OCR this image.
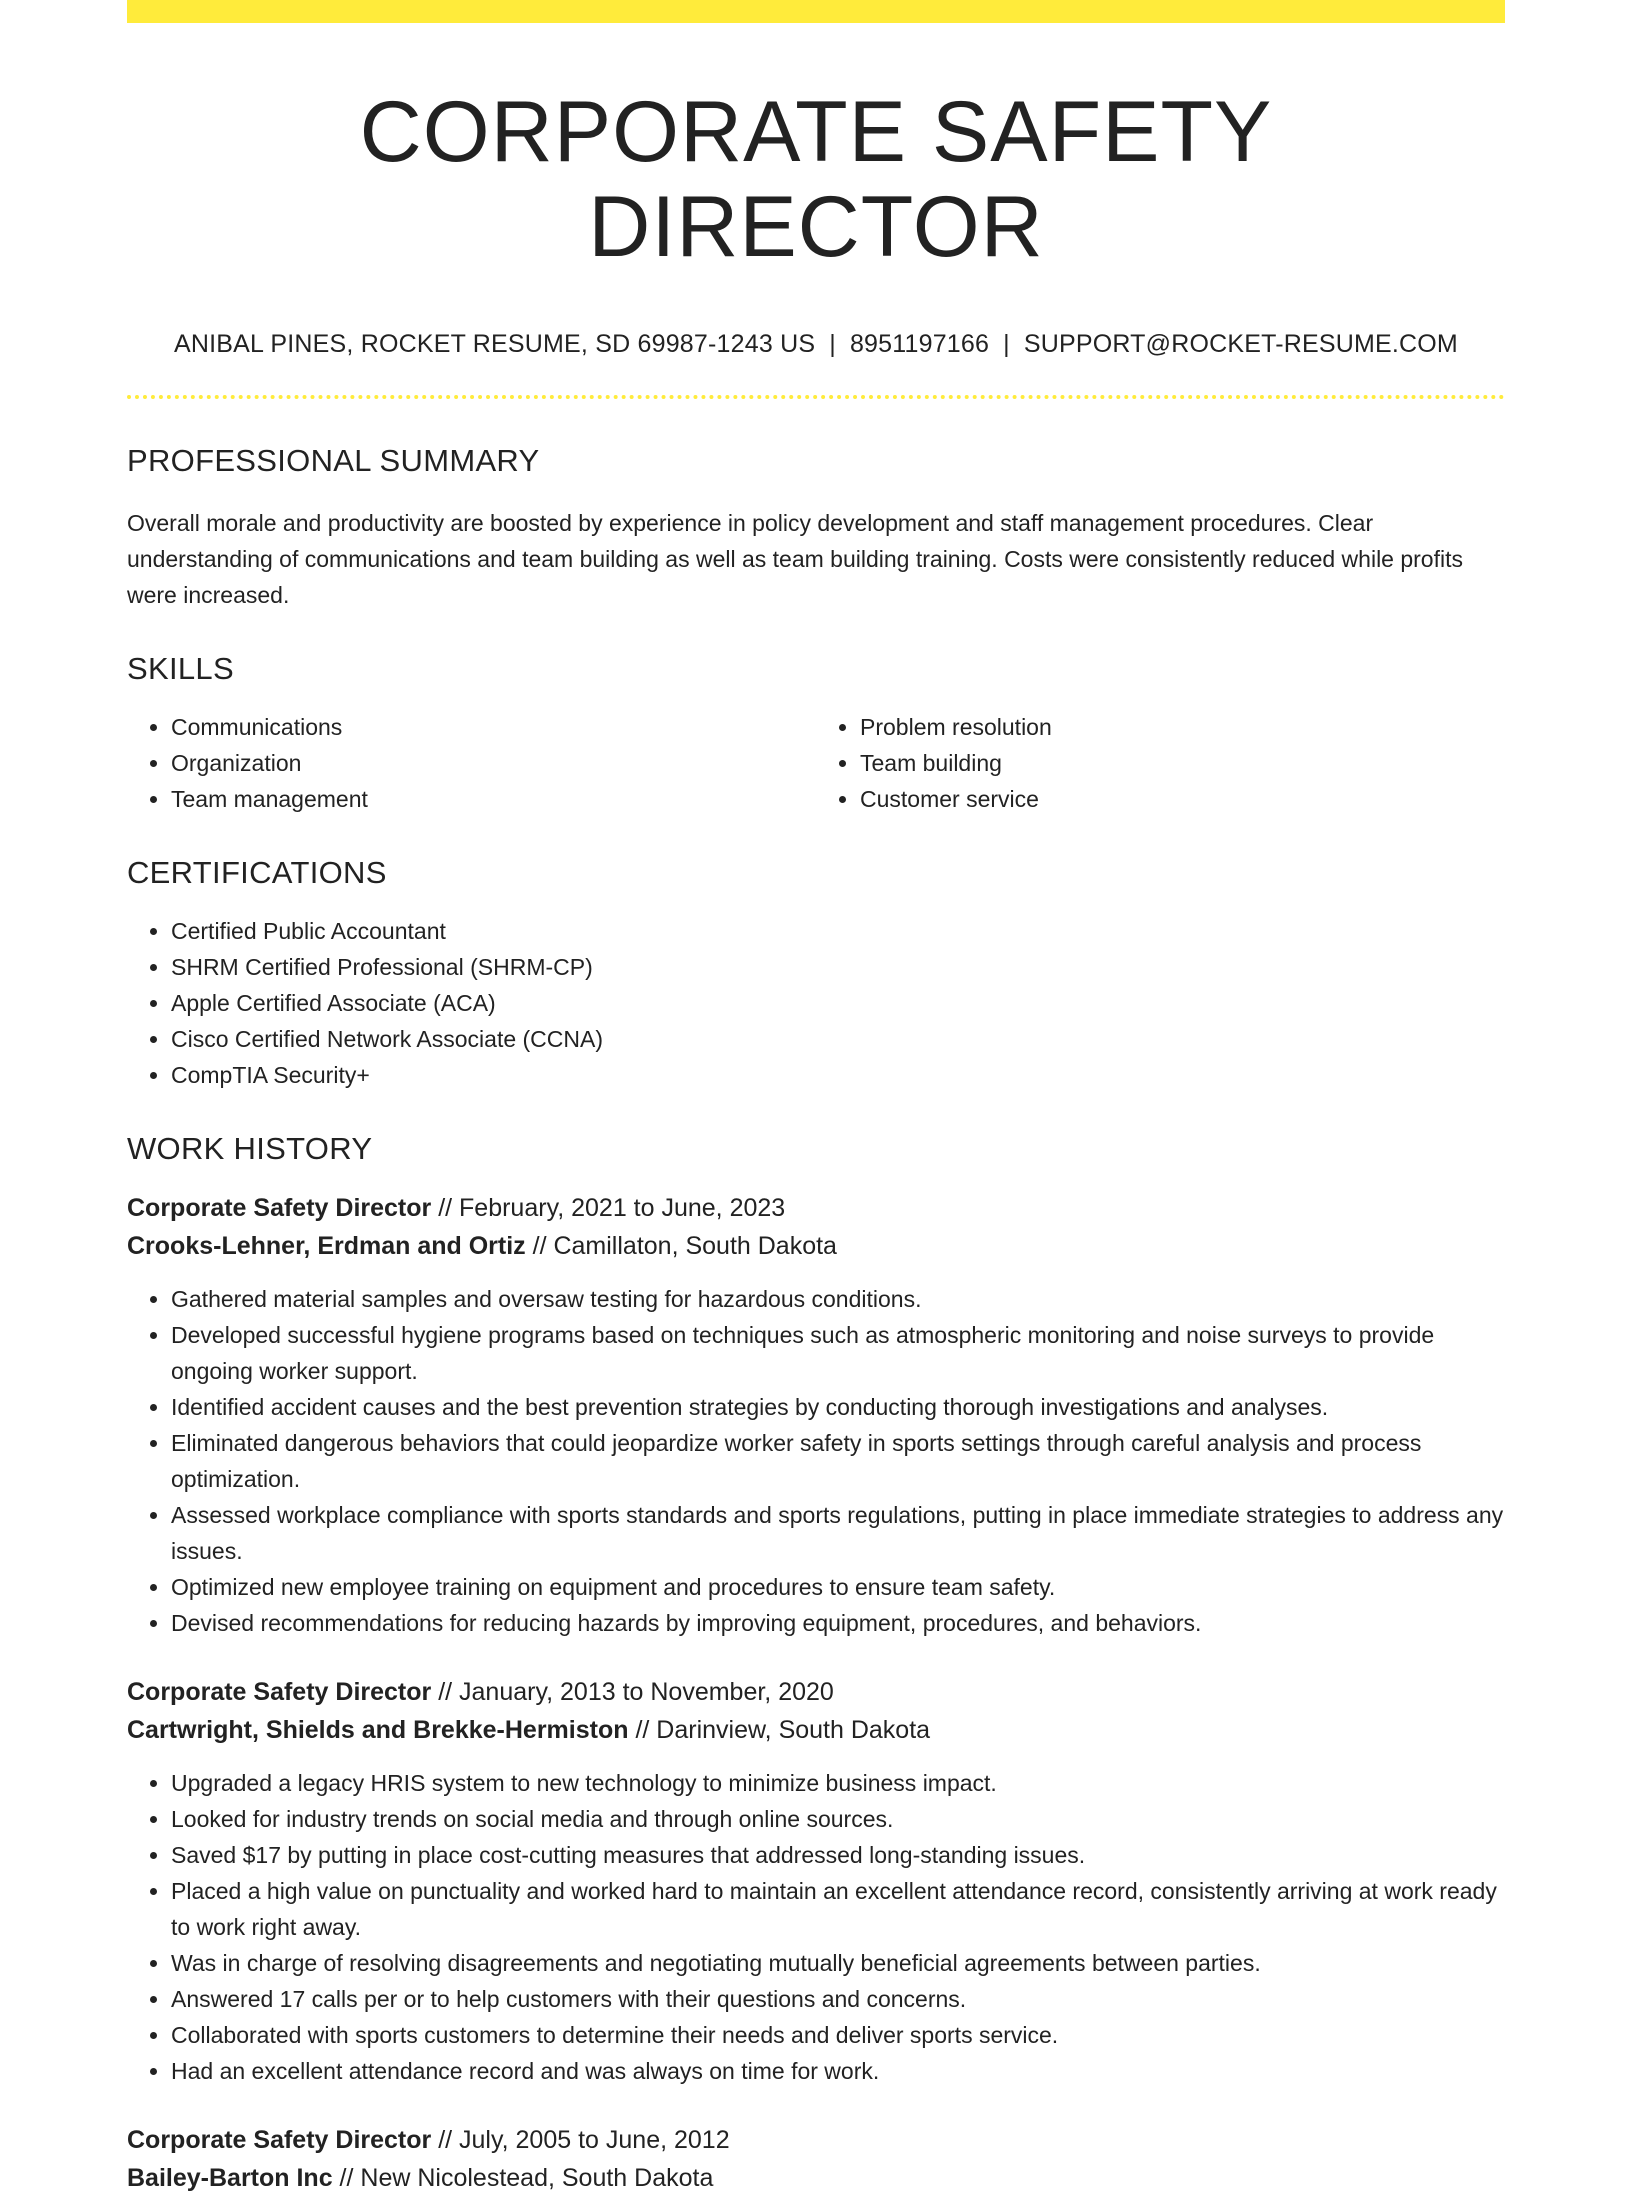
CORPORATE SAFETY DIRECTOR
ANIBAL PINES, ROCKET RESUME, SD 69987-1243 US | 8951197166 | SUPPORT@ROCKET-RESUME.COM
PROFESSIONAL SUMMARY

Overall morale and productivity are boosted by experience in policy development and staff management procedures. Clear understanding of communications and team building as well as team building training. Costs were consistently reduced while profits were increased.

SKILLS
• Communications
• Organization
• Team management
• Problem resolution
• Team building
• Customer service
CERTIFICATIONS
• Certified Public Accountant
• SHRM Certified Professional (SHRM-CP)
• Apple Certified Associate (ACA)
• Cisco Certified Network Associate (CCNA)
• CompTIA Security+
WORK HISTORY
Corporate Safety Director // February, 2021 to June, 2023
Crooks-Lehner, Erdman and Ortiz // Camillaton, South Dakota
• Gathered material samples and oversaw testing for hazardous conditions.
• Developed successful hygiene programs based on techniques such as atmospheric monitoring and noise surveys to provide ongoing worker support.
• Identified accident causes and the best prevention strategies by conducting thorough investigations and analyses.
• Eliminated dangerous behaviors that could jeopardize worker safety in sports settings through careful analysis and process optimization.
• Assessed workplace compliance with sports standards and sports regulations, putting in place immediate strategies to address any issues.
• Optimized new employee training on equipment and procedures to ensure team safety.
• Devised recommendations for reducing hazards by improving equipment, procedures, and behaviors.
Corporate Safety Director // January, 2013 to November, 2020
Cartwright, Shields and Brekke-Hermiston // Darinview, South Dakota
• Upgraded a legacy HRIS system to new technology to minimize business impact.
• Looked for industry trends on social media and through online sources.
• Saved $17 by putting in place cost-cutting measures that addressed long-standing issues.
• Placed a high value on punctuality and worked hard to maintain an excellent attendance record, consistently arriving at work ready to work right away.
• Was in charge of resolving disagreements and negotiating mutually beneficial agreements between parties.
• Answered 17 calls per or to help customers with their questions and concerns.
• Collaborated with sports customers to determine their needs and deliver sports service.
• Had an excellent attendance record and was always on time for work.
Corporate Safety Director // July, 2005 to June, 2012
Bailey-Barton Inc // New Nicolestead, South Dakota
